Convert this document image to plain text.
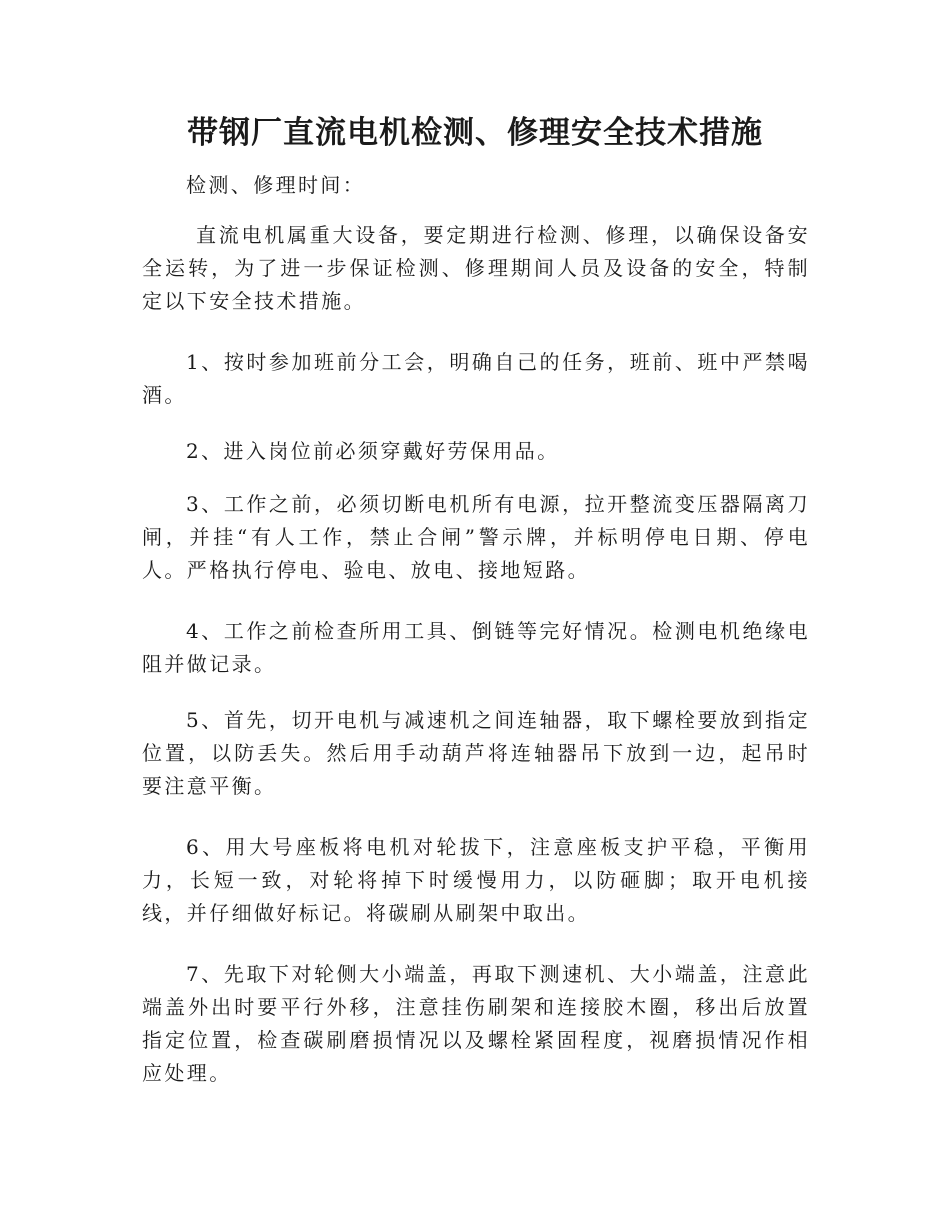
带钢厂直流电机检测、修理安全技术措施

检测、修理时间：

直流电机属重大设备，要定期进行检测、修理，以确保设备安全运转，为了进一步保证检测、修理期间人员及设备的安全，特制定以下安全技术措施。

1、按时参加班前分工会，明确自己的任务，班前、班中严禁喝酒。

2、进入岗位前必须穿戴好劳保用品。

3、工作之前，必须切断电机所有电源，拉开整流变压器隔离刀闸，并挂“有人工作，禁止合闸”警示牌，并标明停电日期、停电人。严格执行停电、验电、放电、接地短路。

4、工作之前检查所用工具、倒链等完好情况。检测电机绝缘电阻并做记录。

5、首先，切开电机与减速机之间连轴器，取下螺栓要放到指定位置，以防丢失。然后用手动葫芦将连轴器吊下放到一边，起吊时要注意平衡。

6、用大号座板将电机对轮拔下，注意座板支护平稳，平衡用力，长短一致，对轮将掉下时缓慢用力，以防砸脚；取开电机接线，并仔细做好标记。将碳刷从刷架中取出。

7、先取下对轮侧大小端盖，再取下测速机、大小端盖，注意此端盖外出时要平行外移，注意挂伤刷架和连接胶木圈，移出后放置指定位置，检查碳刷磨损情况以及螺栓紧固程度，视磨损情况作相应处理。
